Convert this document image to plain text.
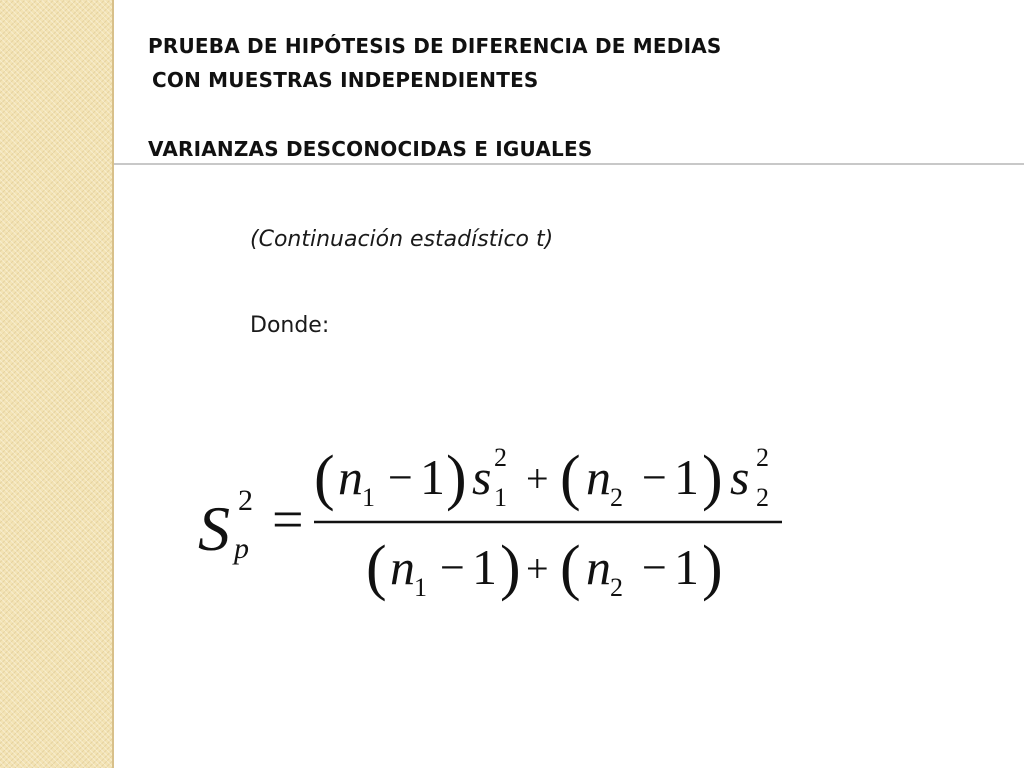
PRUEBA DE HIPÓTESIS DE DIFERENCIA DE MEDIAS
CON MUESTRAS INDEPENDIENTES
VARIANZAS DESCONOCIDAS E IGUALES
(Continuación estadístico t)
Donde:
S 2
p =
( n 1 − 1 ) s 2
1 + ( n 2 − 1 ) s 2
2
( n 1 − 1 ) + ( n 2 − 1 )
